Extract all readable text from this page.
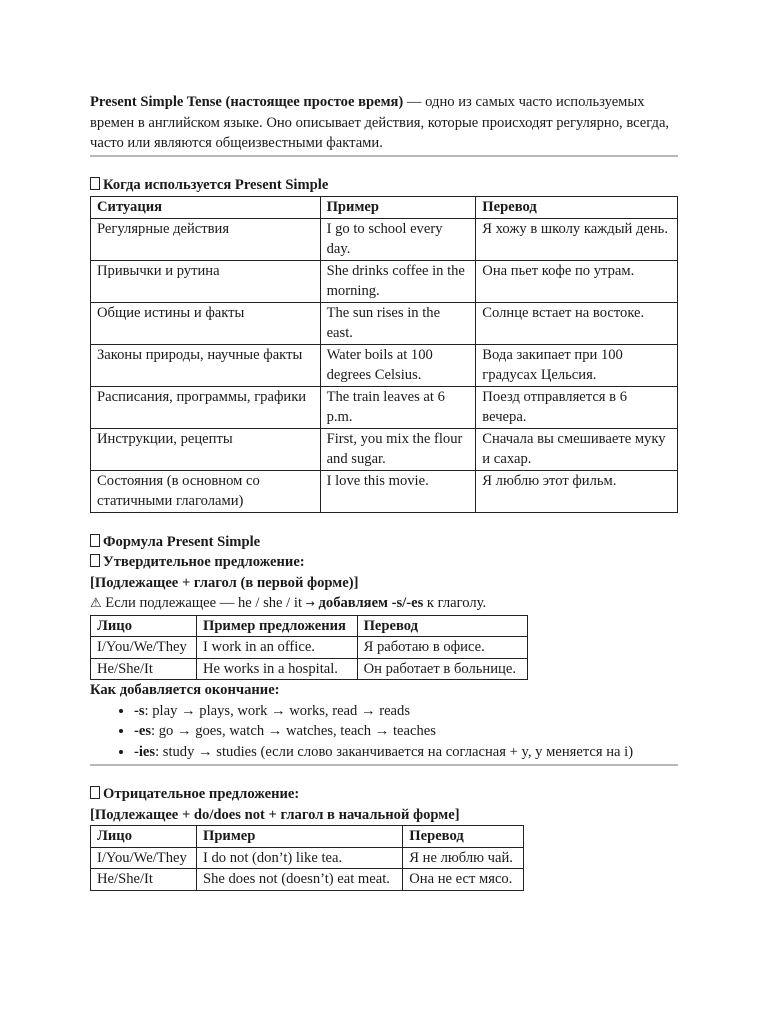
Present Simple Tense (настоящее простое время) — одно из самых часто используемых времен в английском языке. Оно описывает действия, которые происходят регулярно, всегда, часто или являются общеизвестными фактами.

Когда используется Present Simple

Ситуация	Пример	Перевод
Регулярные действия	I go to school every day.	Я хожу в школу каждый день.
Привычки и рутина	She drinks coffee in the morning.	Она пьет кофе по утрам.
Общие истины и факты	The sun rises in the east.	Солнце встает на востоке.
Законы природы, научные факты	Water boils at 100 degrees Celsius.	Вода закипает при 100 градусах Цельсия.
Расписания, программы, графики	The train leaves at 6 p.m.	Поезд отправляется в 6 вечера.
Инструкции, рецепты	First, you mix the flour and sugar.	Сначала вы смешиваете муку и сахар.
Состояния (в основном со статичными глаголами)	I love this movie.	Я люблю этот фильм.

Формула Present Simple

Утвердительное предложение:

[Подлежащее + глагол (в первой форме)]

⚠ Если подлежащее — he / she / it → добавляем -s/-es к глаголу.

Лицо	Пример предложения	Перевод
I/You/We/They	I work in an office.	Я работаю в офисе.
He/She/It	He works in a hospital.	Он работает в больнице.

Как добавляется окончание:

• -s: play → plays, work → works, read → reads
• -es: go → goes, watch → watches, teach → teaches
• -ies: study → studies (если слово заканчивается на согласная + y, у меняется на i)

Отрицательное предложение:

[Подлежащее + do/does not + глагол в начальной форме]

Лицо	Пример	Перевод
I/You/We/They	I do not (don’t) like tea.	Я не люблю чай.
He/She/It	She does not (doesn’t) eat meat.	Она не ест мясо.
